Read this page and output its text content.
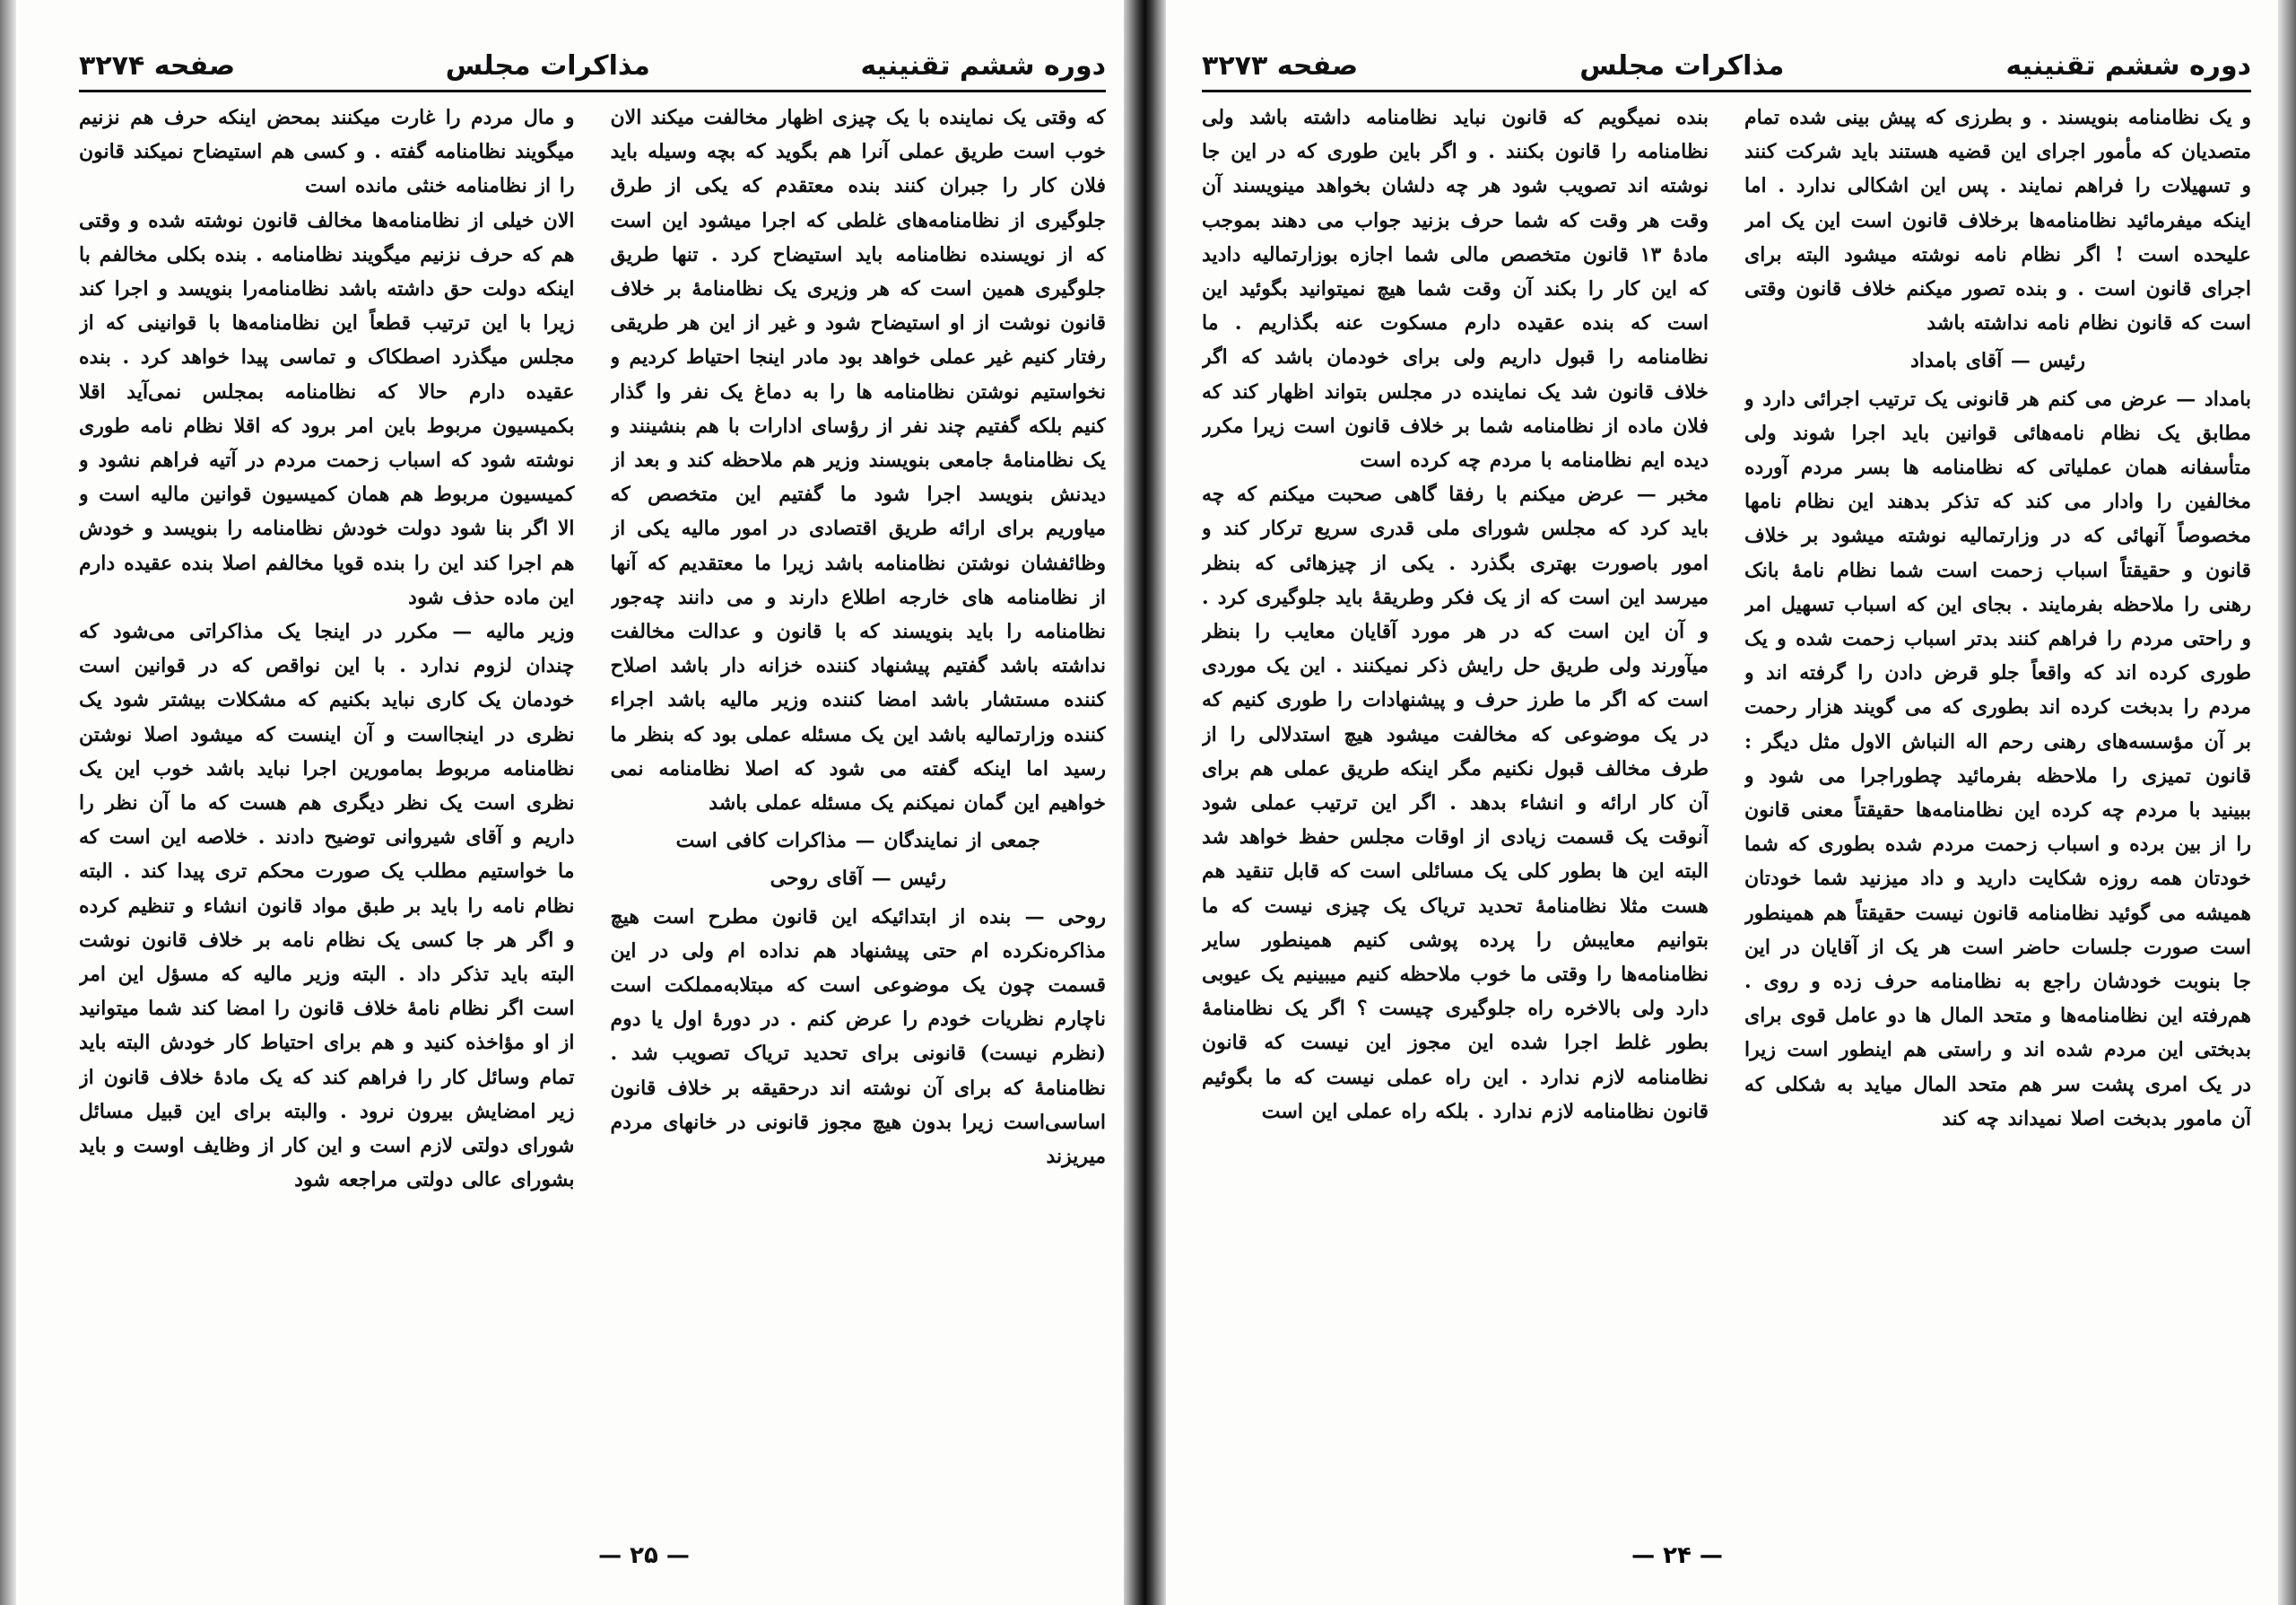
دوره ششم تقنینیه
مذاکرات مجلس
صفحه ۳۲۷۴

که وقتی یک نماینده با یک چیزی اظهار مخالفت میکند الان خوب است طریق عملی آنرا هم بگوید که بچه وسیله باید فلان کار را جبران کنند بنده معتقدم که یکی از طرق جلوگیری از نظامنامه‌های غلطی که اجرا میشود این است که از نویسنده نظامنامه باید استیضاح کرد . تنها طریق جلوگیری همین است که هر وزیری یک نظامنامهٔ بر خلاف قانون نوشت از او استیضاح شود و غیر از این هر طریقی رفتار کنیم غیر عملی خواهد بود مادر اینجا احتیاط کردیم و نخواستیم نوشتن نظامنامه ها را به دماغ یک نفر وا گذار کنیم بلکه گفتیم چند نفر از رؤسای ادارات با هم بنشینند و یک نظامنامهٔ جامعی بنویسند وزیر هم ملاحظه کند و بعد از دیدنش بنویسد اجرا شود ما گفتیم این متخصص که میاوریم برای ارائه طریق اقتصادی در امور مالیه یکی از وظائفشان نوشتن نظامنامه باشد زیرا ما معتقدیم که آنها از نظامنامه های خارجه اطلاع دارند و می دانند چه‌جور نظامنامه را باید بنویسند که با قانون و عدالت مخالفت نداشته باشد گفتیم پیشنهاد کننده خزانه دار باشد اصلاح کننده مستشار باشد امضا کننده وزیر مالیه باشد اجراء کننده وزارتمالیه باشد این یک مسئله عملی بود که بنظر ما رسید اما اینکه گفته می شود که اصلا نظامنامه نمی خواهیم این گمان نمیکنم یک مسئله عملی باشد

جمعی از نمایندگان — مذاکرات کافی است

رئیس — آقای روحی

روحی — بنده از ابتدائیکه این قانون مطرح است هیچ مذاکره‌نکرده ام حتی پیشنهاد هم نداده ام ولی در این قسمت چون یک موضوعی است که مبتلابه‌مملکت است ناچارم نظریات خودم را عرض کنم . در دورهٔ اول یا دوم (نظرم نیست) قانونی برای تحدید تریاک تصویب شد . نظامنامهٔ که برای آن نوشته اند درحقیقه بر خلاف قانون اساسی‌است زیرا بدون هیچ مجوز قانونی در خانهای مردم میریزند

و مال مردم را غارت میکنند بمحض اینکه حرف هم نزنیم میگویند نظامنامه گفته . و کسی هم استیضاح نمیکند قانون را از نظامنامه خنثی مانده است

الان خیلی از نظامنامه‌ها مخالف قانون نوشته شده و وقتی هم که حرف نزنیم میگویند نظامنامه . بنده بکلی مخالفم با اینکه دولت حق داشته باشد نظامنامه‌را بنویسد و اجرا کند زیرا با این ترتیب قطعاً این نظامنامه‌ها با قوانینی که از مجلس میگذرد اصطکاک و تماسی پیدا خواهد کرد . بنده عقیده دارم حالا که نظامنامه بمجلس نمی‌آید اقلا بکمیسیون مربوط باین امر برود که اقلا نظام نامه طوری نوشته شود که اسباب زحمت مردم در آتیه فراهم نشود و کمیسیون مربوط هم همان کمیسیون قوانین مالیه است و الا اگر بنا شود دولت خودش نظامنامه را بنویسد و خودش هم اجرا کند این را بنده قویا مخالفم اصلا بنده عقیده دارم این ماده حذف شود

وزیر مالیه — مکرر در اینجا یک مذاکراتی می‌شود که چندان لزوم ندارد . با این نواقص که در قوانین است خودمان یک کاری نباید بکنیم که مشکلات بیشتر شود یک نظری در اینجااست و آن اینست که میشود اصلا نوشتن نظامنامه مربوط بمامورین اجرا نباید باشد خوب این یک نظری است یک نظر دیگری هم هست که ما آن نظر را داریم و آقای شیروانی توضیح دادند . خلاصه این است که ما خواستیم مطلب یک صورت محکم تری پیدا کند . البته نظام نامه را باید بر طبق مواد قانون انشاء و تنظیم کرده و اگر هر جا کسی یک نظام نامه بر خلاف قانون نوشت البته باید تذکر داد . البته وزیر مالیه که مسؤل این امر است اگر نظام نامهٔ خلاف قانون را امضا کند شما میتوانید از او مؤاخذه کنید و هم برای احتیاط کار خودش البته باید تمام وسائل کار را فراهم کند که یک مادهٔ خلاف قانون از زیر امضایش بیرون نرود . والبته برای این قبیل مسائل شورای دولتی لازم است و این کار از وظایف اوست و باید بشورای عالی دولتی مراجعه شود

— ۲۵ —
دوره ششم تقنینیه
مذاکرات مجلس
صفحه ۳۲۷۳

و یک نظامنامه بنویسند . و بطرزی که پیش بینی شده تمام متصدیان که مأمور اجرای این قضیه هستند باید شرکت کنند و تسهیلات را فراهم نمایند . پس این اشکالی ندارد . اما اینکه میفرمائید نظامنامه‌ها برخلاف قانون است این یک امر علیحده است ! اگر نظام نامه نوشته میشود البته برای اجرای قانون است . و بنده تصور میکنم خلاف قانون وقتی است که قانون نظام نامه نداشته باشد

رئیس — آقای بامداد

بامداد — عرض می کنم هر قانونی یک ترتیب اجرائی دارد و مطابق یک نظام نامه‌هائی قوانین باید اجرا شوند ولی متأسفانه همان عملیاتی که نظامنامه ها بسر مردم آورده مخالفین را وادار می کند که تذکر بدهند این نظام نامها مخصوصاً آنهائی که در وزارتمالیه نوشته میشود بر خلاف قانون و حقیقتاً اسباب زحمت است شما نظام نامهٔ بانک رهنی را ملاحظه بفرمایند . بجای این که اسباب تسهیل امر و راحتی مردم را فراهم کنند بدتر اسباب زحمت شده و یک طوری کرده اند که واقعاً جلو قرض دادن را گرفته اند و مردم را بدبخت کرده اند بطوری که می گویند هزار رحمت بر آن مؤسسه‌های رهنی رحم اله النباش الاول مثل دیگر : قانون تمیزی را ملاحظه بفرمائید چطوراجرا می شود و ببینید با مردم چه کرده این نظامنامه‌ها حقیقتاً معنی قانون را از بین برده و اسباب زحمت مردم شده بطوری که شما خودتان همه روزه شکایت دارید و داد میزنید شما خودتان همیشه می گوئید نظامنامه قانون نیست حقیقتاً هم همینطور است صورت جلسات حاضر است هر یک از آقایان در این جا بنوبت خودشان راجع به نظامنامه حرف زده و روی . هم‌رفته این نظامنامه‌ها و متحد المال ها دو عامل قوی برای بدبختی این مردم شده اند و راستی هم اینطور است زیرا در یک امری پشت سر هم متحد المال میاید به شکلی که آن مامور بدبخت اصلا نمیداند چه کند

بنده نمیگویم که قانون نباید نظامنامه داشته باشد ولی نظامنامه را قانون بکنند . و اگر باین طوری که در این جا نوشته اند تصویب شود هر چه دلشان بخواهد مینویسند آن وقت هر وقت که شما حرف بزنید جواب می دهند بموجب مادهٔ ۱۳ قانون متخصص مالی شما اجازه بوزارتمالیه دادید که این کار را بکند آن وقت شما هیچ نمیتوانید بگوئید این است که بنده عقیده دارم مسکوت عنه بگذاریم . ما نظامنامه را قبول داریم ولی برای خودمان باشد که اگر خلاف قانون شد یک نماینده در مجلس بتواند اظهار کند که فلان ماده از نظامنامه شما بر خلاف قانون است زیرا مکرر دیده ایم نظامنامه با مردم چه کرده است

مخبر — عرض میکنم با رفقا گاهی صحبت میکنم که چه باید کرد که مجلس شورای ملی قدری سریع ترکار کند و امور باصورت بهتری بگذرد . یکی از چیزهائی که بنظر میرسد این است که از یک فکر وطریقهٔ باید جلوگیری کرد . و آن این است که در هر مورد آقایان معایب را بنظر میآورند ولی طریق حل رایش ذکر نمیکنند . این یک موردی است که اگر ما طرز حرف و پیشنهادات را طوری کنیم که در یک موضوعی که مخالفت میشود هیچ استدلالی را از طرف مخالف قبول نکنیم مگر اینکه طریق عملی هم برای آن کار ارائه و انشاء بدهد . اگر این ترتیب عملی شود آنوقت یک قسمت زیادی از اوقات مجلس حفظ خواهد شد البته این ها بطور کلی یک مسائلی است که قابل تنقید هم هست مثلا نظامنامهٔ تحدید تریاک یک چیزی نیست که ما بتوانیم معایبش را پرده پوشی کنیم همینطور سایر نظامنامه‌ها را وقتی ما خوب ملاحظه کنیم میبینیم یک عیوبی دارد ولی بالاخره راه جلوگیری چیست ؟ اگر یک نظامنامهٔ بطور غلط اجرا شده این مجوز این نیست که قانون نظامنامه لازم ندارد . این راه عملی نیست که ما بگوئیم قانون نظامنامه لازم ندارد . بلکه راه عملی این است

— ۲۴ —
